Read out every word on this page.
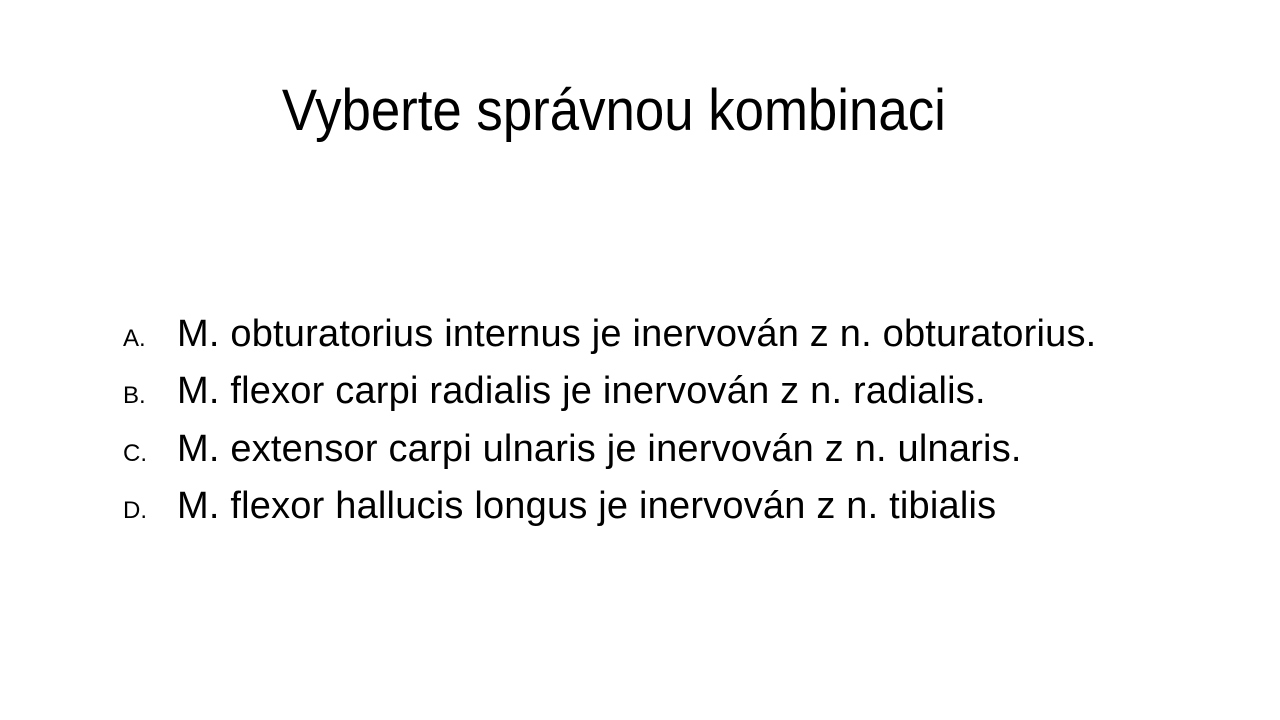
Vyberte správnou kombinaci
A. M. obturatorius internus je inervován z n. obturatorius.
B. M. flexor carpi radialis je inervován z n. radialis.
C. M. extensor carpi ulnaris je inervován z n. ulnaris.
D. M. flexor hallucis longus je inervován z n. tibialis
